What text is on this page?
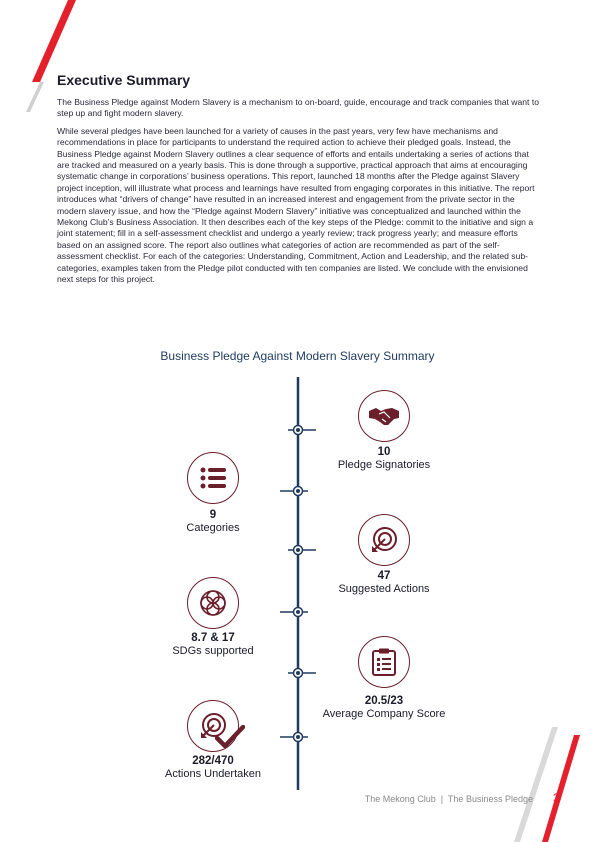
Executive Summary

The Business Pledge against Modern Slavery is a mechanism to on-board, guide, encourage and track companies that want to step up and fight modern slavery.

While several pledges have been launched for a variety of causes in the past years, very few have mechanisms and recommendations in place for participants to understand the required action to achieve their pledged goals. Instead, the Business Pledge against Modern Slavery outlines a clear sequence of efforts and entails undertaking a series of actions that are tracked and measured on a yearly basis. This is done through a supportive, practical approach that aims at encouraging systematic change in corporations’ business operations. This report, launched 18 months after the Pledge against Slavery project inception, will illustrate what process and learnings have resulted from engaging corporates in this initiative. The report introduces what “drivers of change” have resulted in an increased interest and engagement from the private sector in the modern slavery issue, and how the “Pledge against Modern Slavery” initiative was conceptualized and launched within the Mekong Club’s Business Association. It then describes each of the key steps of the Pledge: commit to the initiative and sign a joint statement; fill in a self-assessment checklist and undergo a yearly review; track progress yearly; and measure efforts based on an assigned score. The report also outlines what categories of action are recommended as part of the self-assessment checklist. For each of the categories: Understanding, Commitment, Action and Leadership, and the related sub-categories, examples taken from the Pledge pilot conducted with ten companies are listed. We conclude with the envisioned next steps for this project.

Business Pledge Against Modern Slavery Summary
10
Pledge Signatories
9
Categories
47
Suggested Actions
8.7 & 17
SDGs supported
20.5/23
Average Company Score
282/470
Actions Undertaken
The Mekong Club  |  The Business Pledge 3
